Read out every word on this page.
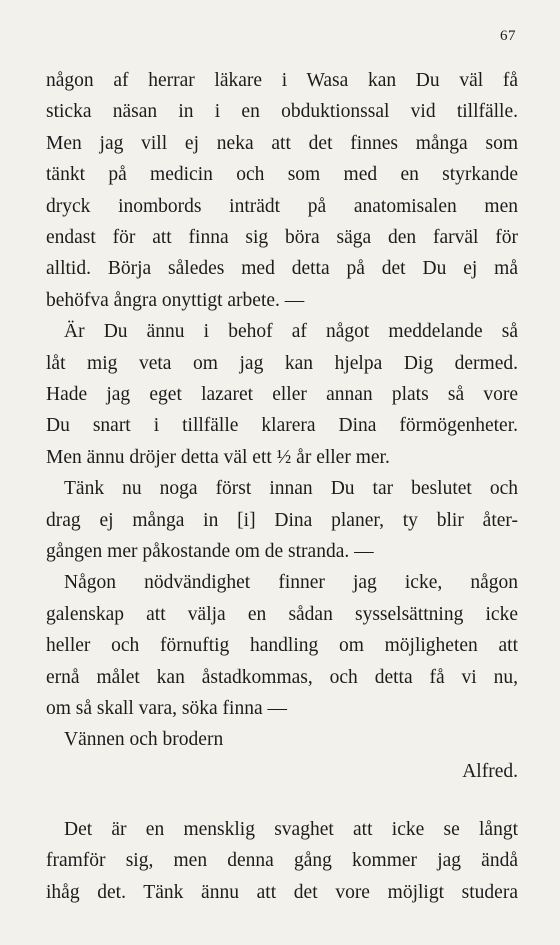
67
någon af herrar läkare i Wasa kan Du väl få
sticka näsan in i en obduktionssal vid tillfälle.
Men jag vill ej neka att det finnes många som
tänkt på medicin och som med en styrkande
dryck inombords inträdt på anatomisalen men
endast för att finna sig böra säga den farväl för
alltid. Börja således med detta på det Du ej må
behöfva ångra onyttigt arbete. —
Är Du ännu i behof af något meddelande så
låt mig veta om jag kan hjelpa Dig dermed.
Hade jag eget lazaret eller annan plats så vore
Du snart i tillfälle klarera Dina förmögenheter.
Men ännu dröjer detta väl ett ½ år eller mer.
Tänk nu noga först innan Du tar beslutet och
drag ej många in [i] Dina planer, ty blir åter-
gången mer påkostande om de stranda. —
Någon nödvändighet finner jag icke, någon
galenskap att välja en sådan sysselsättning icke
heller och förnuftig handling om möjligheten att
ernå målet kan åstadkommas, och detta få vi nu,
om så skall vara, söka finna —
Vännen och brodern
Alfred.
Det är en mensklig svaghet att icke se långt
framför sig, men denna gång kommer jag ändå
ihåg det. Tänk ännu att det vore möjligt studera
